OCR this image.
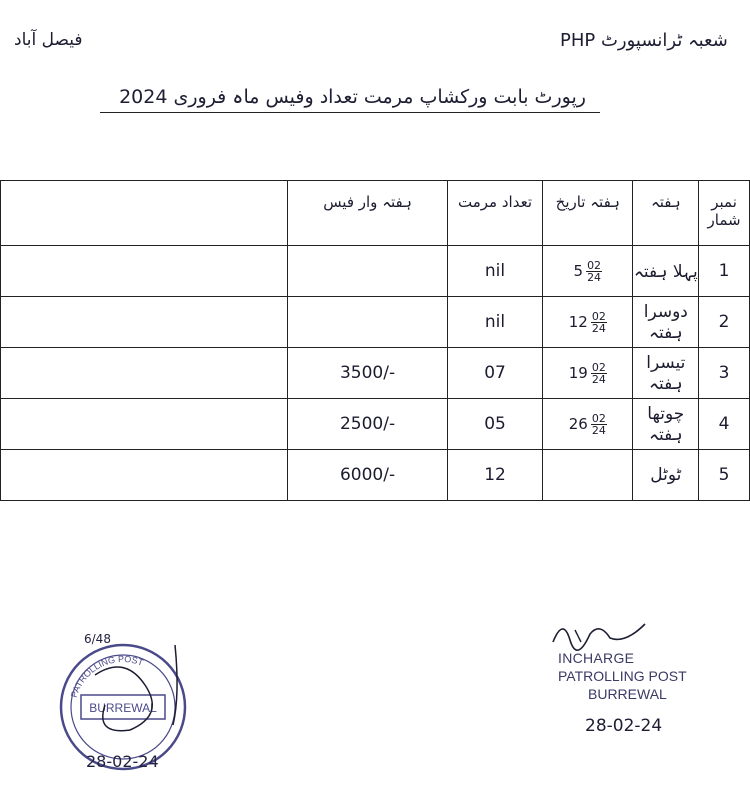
فیصل آباد	PHP شعبہ ٹرانسپورٹ
رپورٹ بابت ورکشاپ مرمت تعداد وفیس ماہ فروری 2024
	ہفتہ وار فیس	تعداد مرمت	ہفتہ تاریخ	ہفتہ	نمبر شمار
		nil	$5 \frac{02}{24}$	پہلا ہفتہ	1
		nil	$12 \frac{02}{24}$	دوسرا ہفتہ	2
	3500/-	07	$19 \frac{02}{24}$	تیسرا ہفتہ	3
	2500/-	05	$26 \frac{02}{24}$	چوتھا ہفتہ	4
	6000/-	12		ٹوٹل	5
INCHARGE
PATROLLING POST
BURREWAL
28-02-24
BURREWAL
PATROLLING POST
6/48
28-02-24
